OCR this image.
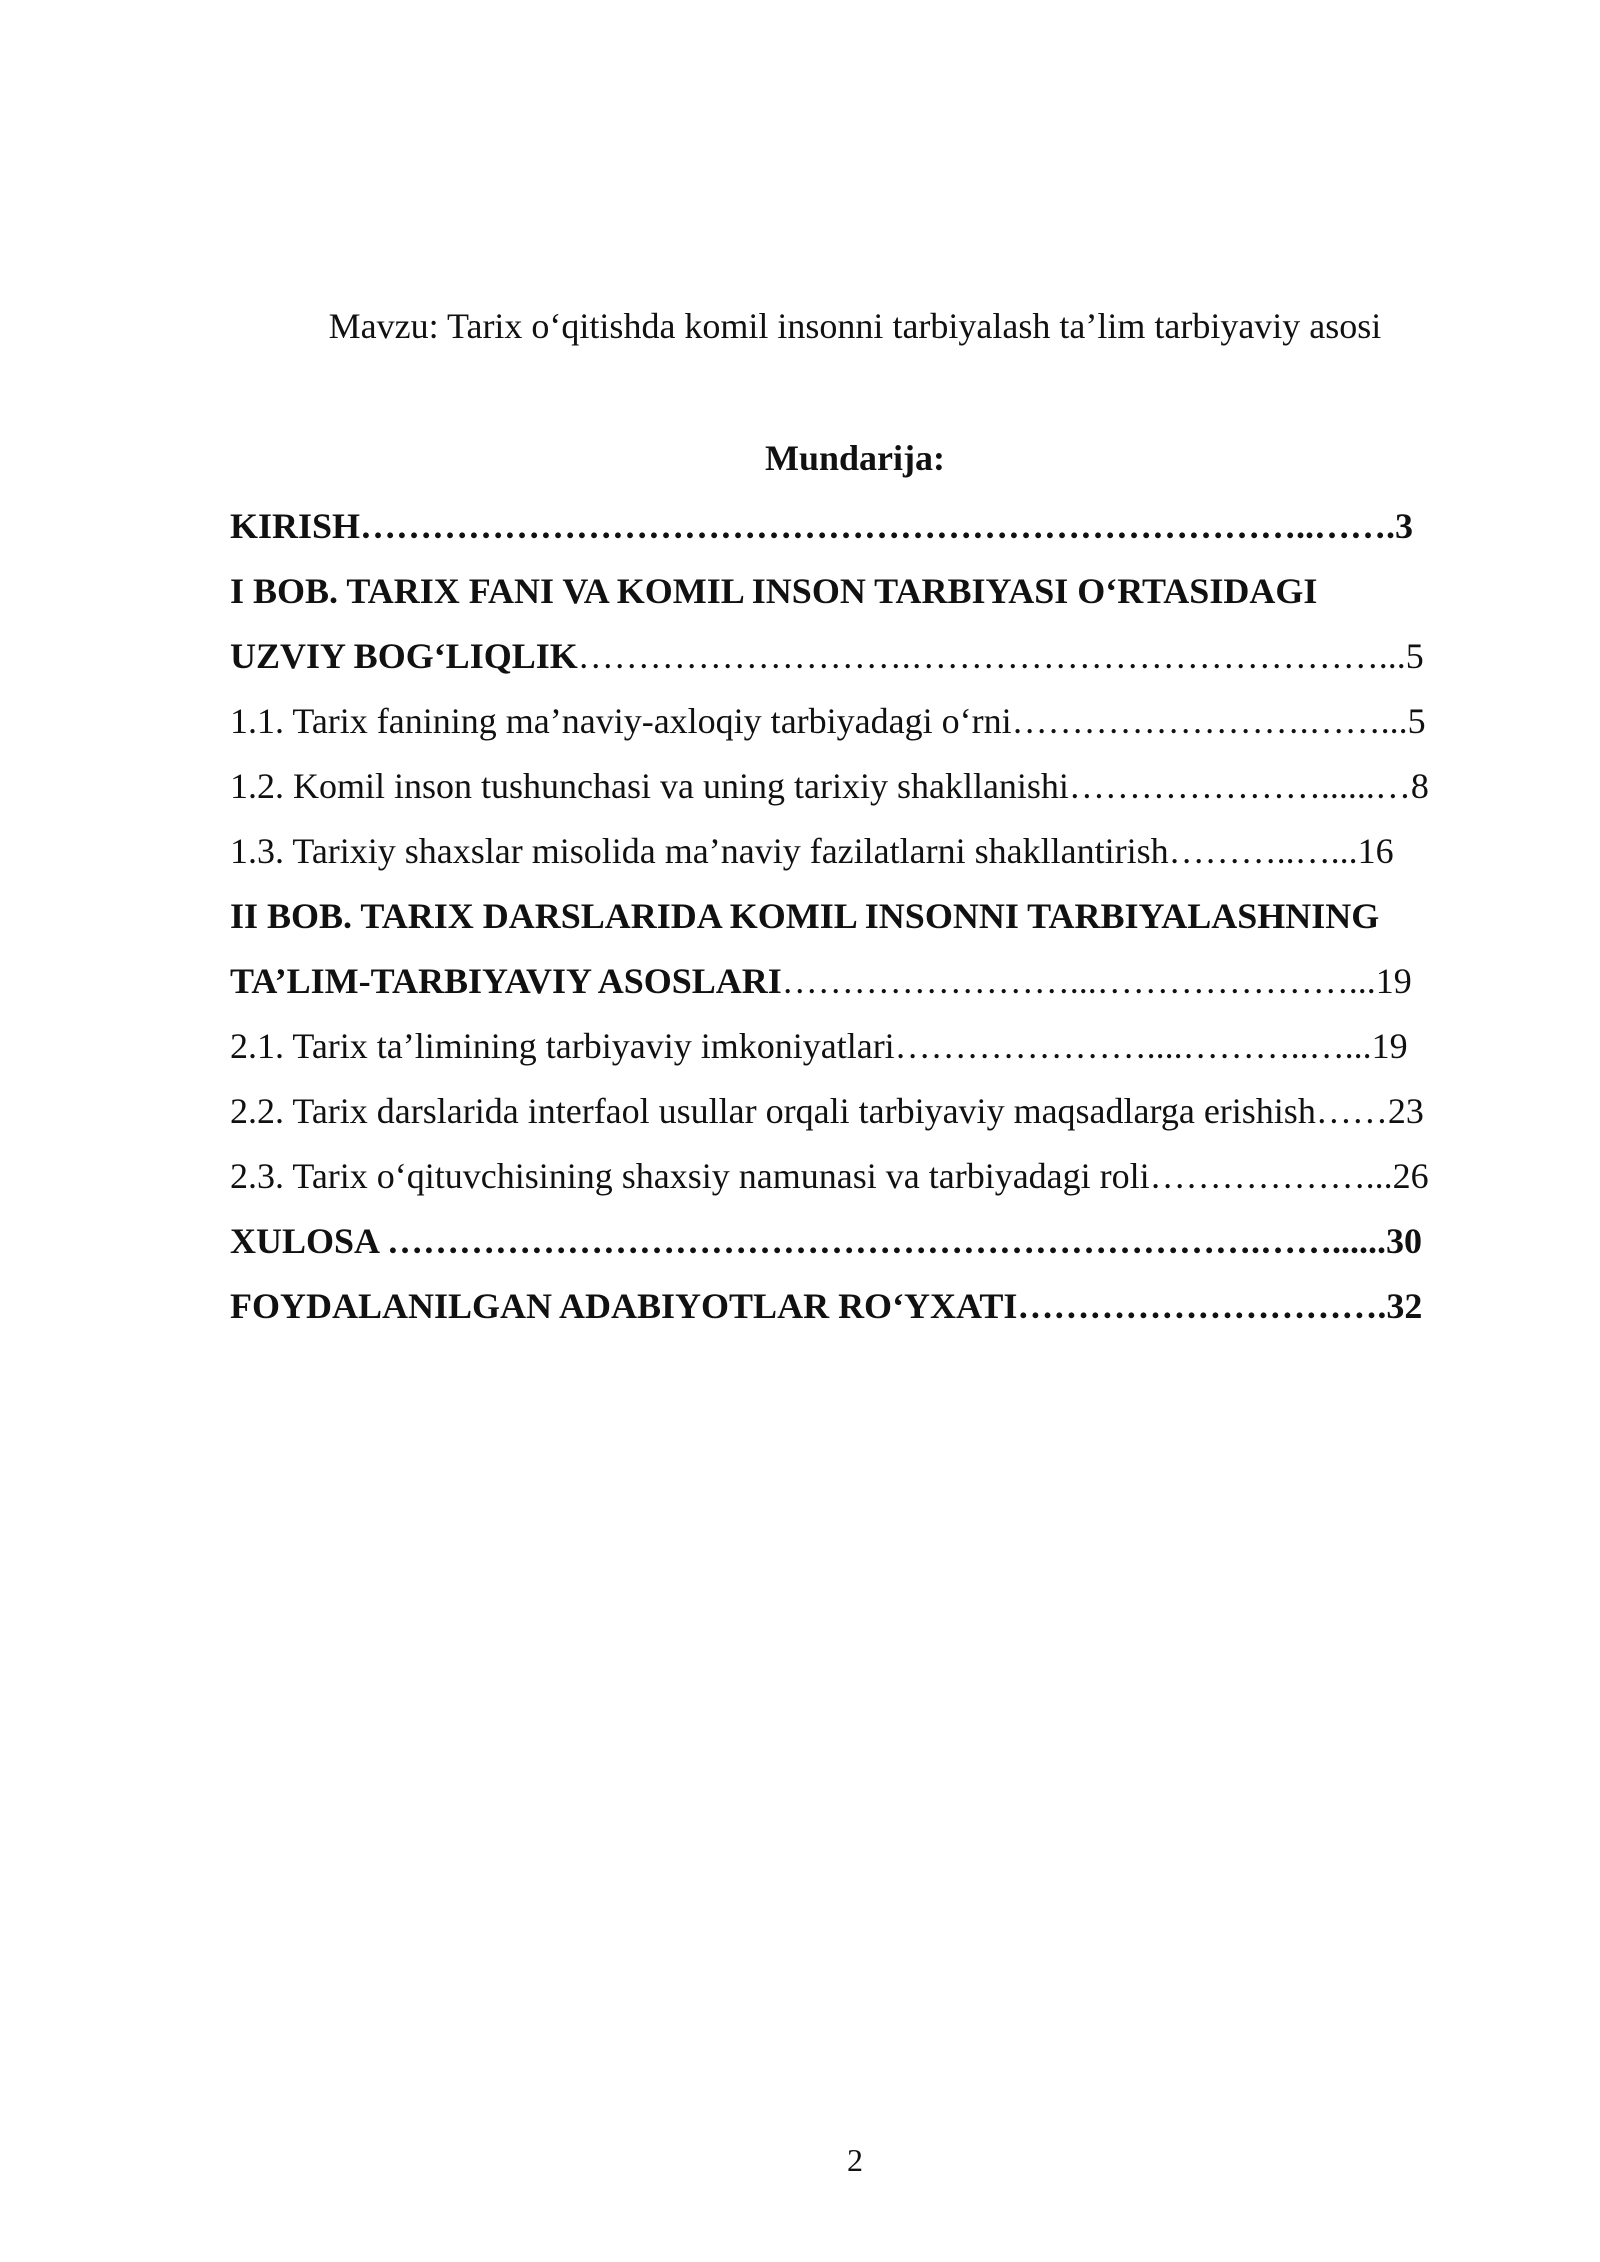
Mavzu: Tarix o‘qitishda komil insonni tarbiyalash ta’lim tarbiyaviy asosi
Mundarija:
KIRISH……………………………………………………………………..…….3
I BOB. TARIX FANI VA KOMIL INSON TARBIYASI O‘RTASIDAGI
UZVIY BOG‘LIQLIK……………………….…………………………………...5
1.1. Tarix fanining ma’naviy-axloqiy tarbiyadagi o‘rni…………………….……...5
1.2. Komil inson tushunchasi va uning tarixiy shakllanishi…………………......…8
1.3. Tarixiy shaxslar misolida ma’naviy fazilatlarni shakllantirish………..…...16
II BOB. TARIX DARSLARIDA KOMIL INSONNI TARBIYALASHNING
TA’LIM-TARBIYAVIY ASOSLARI……………………...…………………...19
2.1. Tarix ta’limining tarbiyaviy imkoniyatlari…………………....………..…...19
2.2. Tarix darslarida interfaol usullar orqali tarbiyaviy maqsadlarga erishish……23
2.3. Tarix o‘qituvchisining shaxsiy namunasi va tarbiyadagi roli………………...26
XULOSA ……………………………………………………………….……......30
FOYDALANILGAN ADABIYOTLAR RO‘YXATI………………………….32
2
